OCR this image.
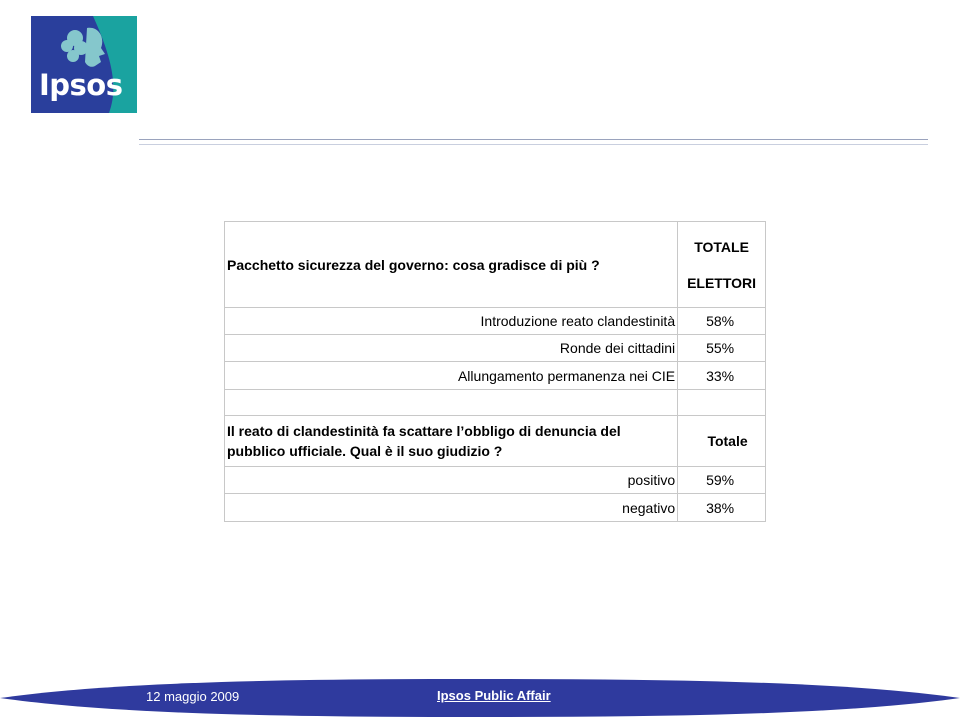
Ipsos
Pacchetto sicurezza del governo: cosa gradisce di più ?	TOTALE
ELETTORI

Introduzione reato clandestinità	58%
Ronde dei cittadini	55%
Allungamento permanenza nei CIE	33%

Il reato di clandestinità fa scattare l’obbligo di denuncia del pubblico ufficiale. Qual è il suo giudizio ?	Totale
positivo	59%
negativo	38%
12 maggio 2009	Ipsos Public Affair
